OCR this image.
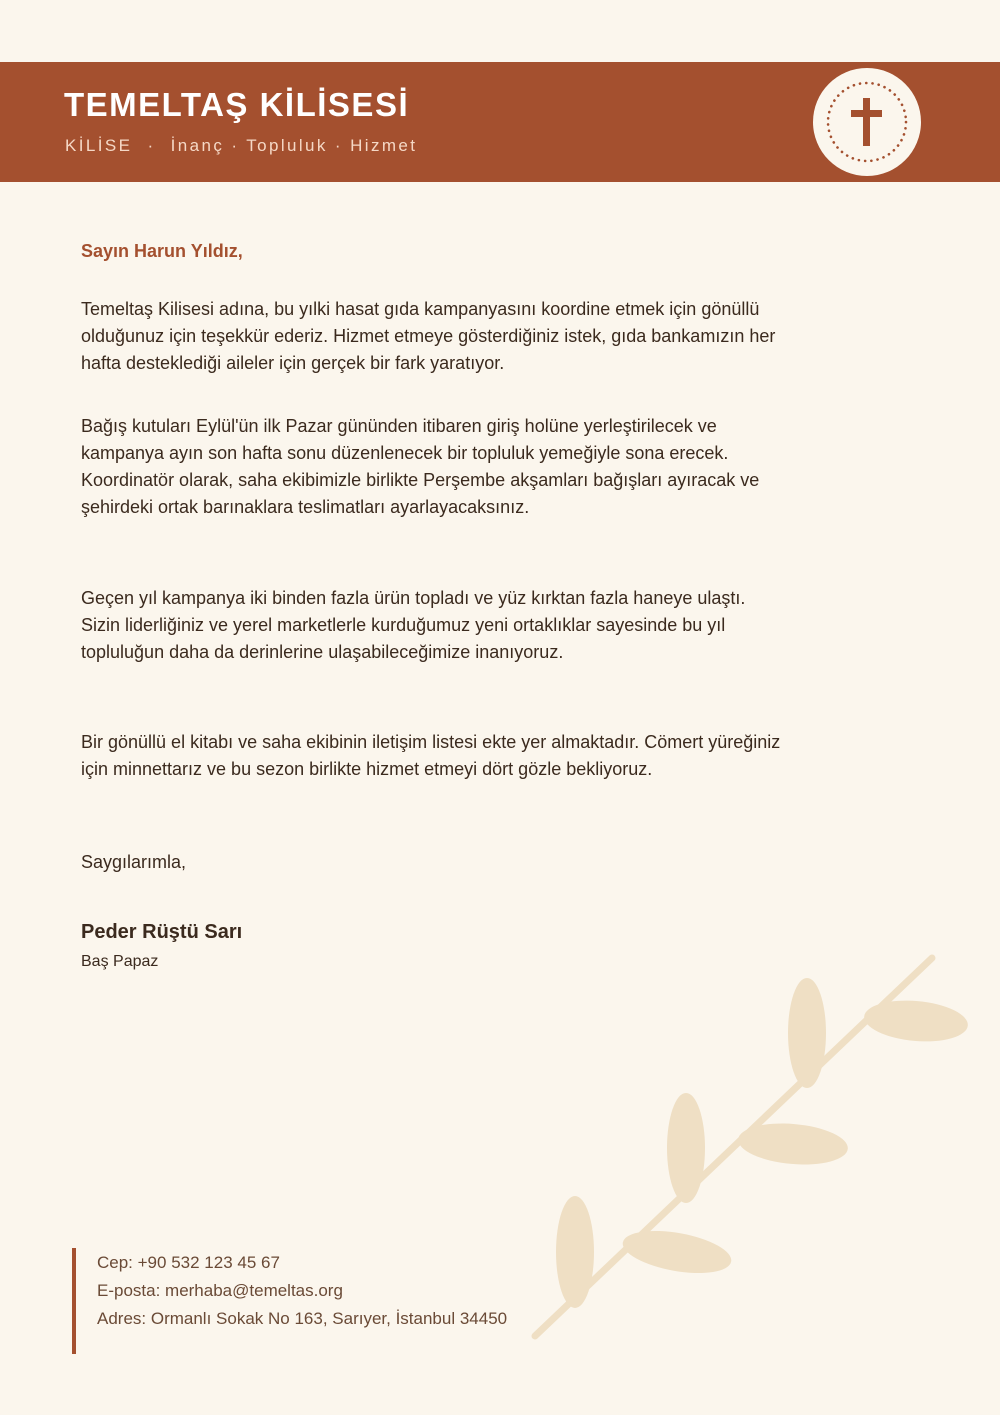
TEMELTAŞ KİLİSESİ
KİLİSE · İnanç · Topluluk · Hizmet
Sayın Harun Yıldız,

Temeltaş Kilisesi adına, bu yılki hasat gıda kampanyasını koordine etmek için gönüllü olduğunuz için teşekkür ederiz. Hizmet etmeye gösterdiğiniz istek, gıda bankamızın her hafta desteklediği aileler için gerçek bir fark yaratıyor.

Bağış kutuları Eylül'ün ilk Pazar gününden itibaren giriş holüne yerleştirilecek ve kampanya ayın son hafta sonu düzenlenecek bir topluluk yemeğiyle sona erecek. Koordinatör olarak, saha ekibimizle birlikte Perşembe akşamları bağışları ayıracak ve şehirdeki ortak barınaklara teslimatları ayarlayacaksınız.

Geçen yıl kampanya iki binden fazla ürün topladı ve yüz kırktan fazla haneye ulaştı. Sizin liderliğiniz ve yerel marketlerle kurduğumuz yeni ortaklıklar sayesinde bu yıl topluluğun daha da derinlerine ulaşabileceğimize inanıyoruz.

Bir gönüllü el kitabı ve saha ekibinin iletişim listesi ekte yer almaktadır. Cömert yüreğiniz için minnettarız ve bu sezon birlikte hizmet etmeyi dört gözle bekliyoruz.

Saygılarımla,
Peder Rüştü Sarı
Baş Papaz
Cep: +90 532 123 45 67
E-posta: merhaba@temeltas.org
Adres: Ormanlı Sokak No 163, Sarıyer, İstanbul 34450
